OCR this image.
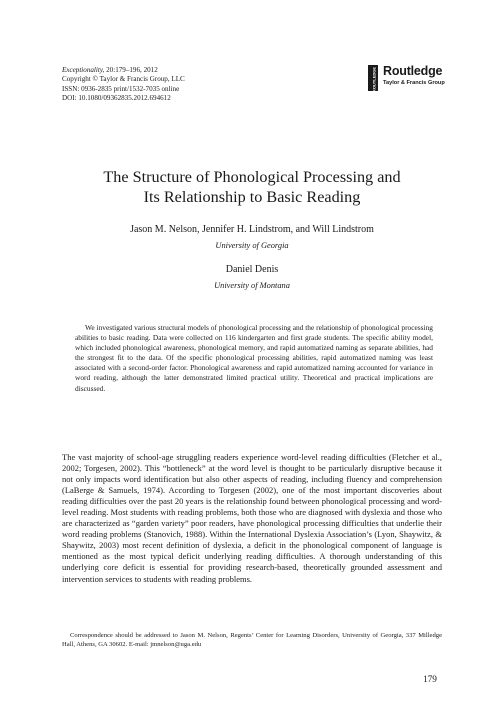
Exceptionality, 20:179–196, 2012
Copyright © Taylor & Francis Group, LLC
ISSN: 0936-2835 print/1532-7035 online
DOI: 10.1080/09362835.2012.694612
ROUTLEDGE Routledge
Taylor & Francis Group
The Structure of Phonological Processing and
Its Relationship to Basic Reading
Jason M. Nelson, Jennifer H. Lindstrom, and Will Lindstrom
University of Georgia
Daniel Denis
University of Montana
We investigated various structural models of phonological processing and the relationship of phonological processing abilities to basic reading. Data were collected on 116 kindergarten and first grade students. The specific ability model, which included phonological awareness, phonological memory, and rapid automatized naming as separate abilities, had the strongest fit to the data. Of the specific phonological processing abilities, rapid automatized naming was least associated with a second-order factor. Phonological awareness and rapid automatized naming accounted for variance in word reading, although the latter demonstrated limited practical utility. Theoretical and practical implications are discussed.
The vast majority of school-age struggling readers experience word-level reading difficulties (Fletcher et al., 2002; Torgesen, 2002). This “bottleneck” at the word level is thought to be particularly disruptive because it not only impacts word identification but also other aspects of reading, including fluency and comprehension (LaBerge & Samuels, 1974). According to Torgesen (2002), one of the most important discoveries about reading difficulties over the past 20 years is the relationship found between phonological processing and word-level reading. Most students with reading problems, both those who are diagnosed with dyslexia and those who are characterized as “garden variety” poor readers, have phonological processing difficulties that underlie their word reading problems (Stanovich, 1988). Within the International Dyslexia Association’s (Lyon, Shaywitz, & Shaywitz, 2003) most recent definition of dyslexia, a deficit in the phonological component of language is mentioned as the most typical deficit underlying reading difficulties. A thorough understanding of this underlying core deficit is essential for providing research-based, theoretically grounded assessment and intervention services to students with reading problems.
Correspondence should be addressed to Jason M. Nelson, Regents’ Center for Learning Disorders, University of Georgia, 337 Milledge Hall, Athens, GA 30602. E-mail: jmnelson@uga.edu
179
